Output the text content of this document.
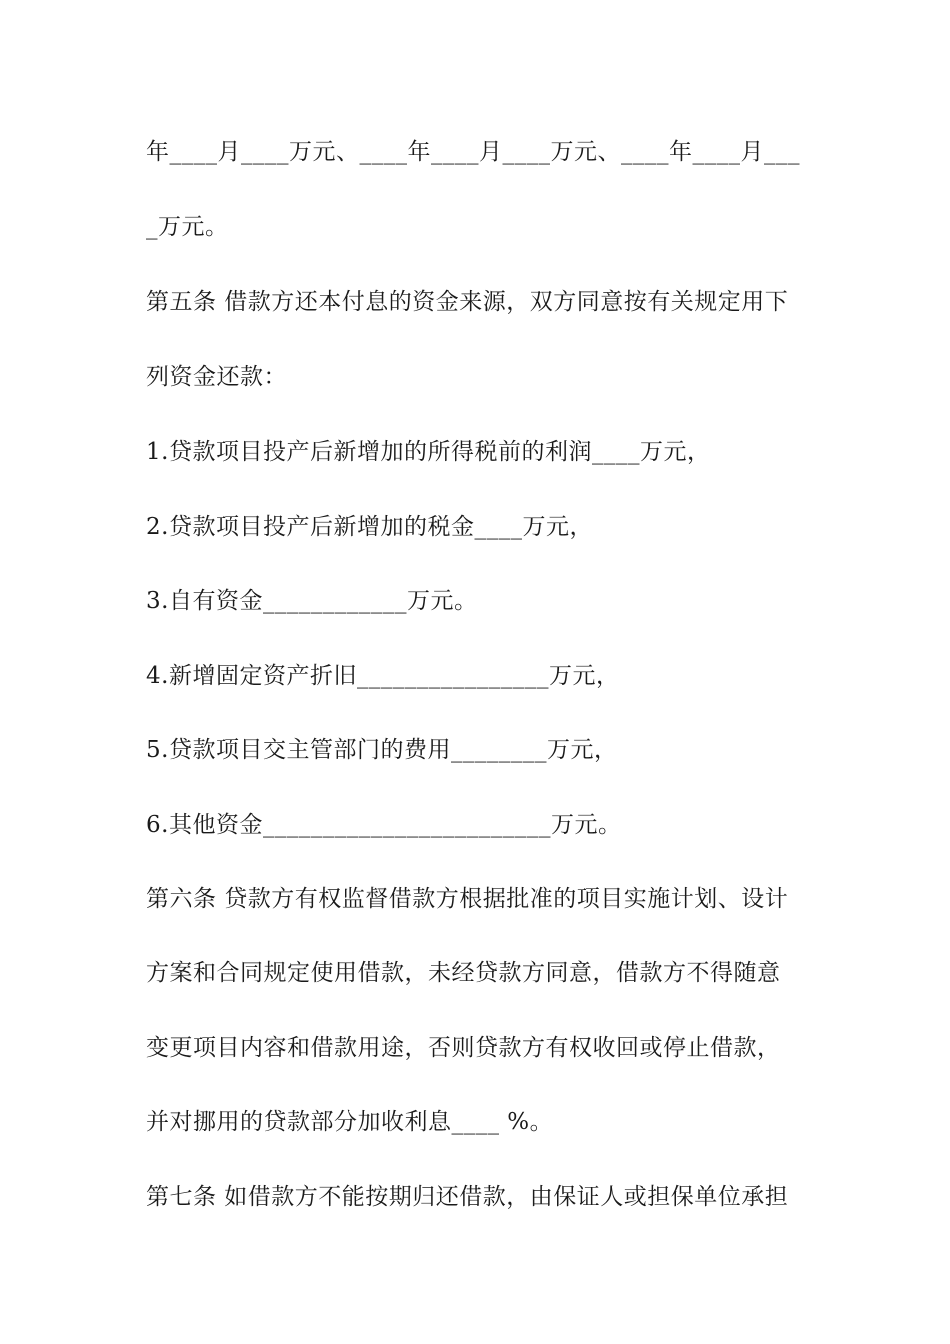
年____月____万元、____年____月____万元、____年____月___
_万元。
第五条 借款方还本付息的资金来源，双方同意按有关规定用下
列资金还款：
1.贷款项目投产后新增加的所得税前的利润____万元，
2.贷款项目投产后新增加的税金____万元，
3.自有资金____________万元。
4.新增固定资产折旧________________万元，
5.贷款项目交主管部门的费用________万元，
6.其他资金________________________万元。
第六条 贷款方有权监督借款方根据批准的项目实施计划、设计
方案和合同规定使用借款，未经贷款方同意，借款方不得随意
变更项目内容和借款用途，否则贷款方有权收回或停止借款，
并对挪用的贷款部分加收利息____ %。
第七条 如借款方不能按期归还借款，由保证人或担保单位承担
